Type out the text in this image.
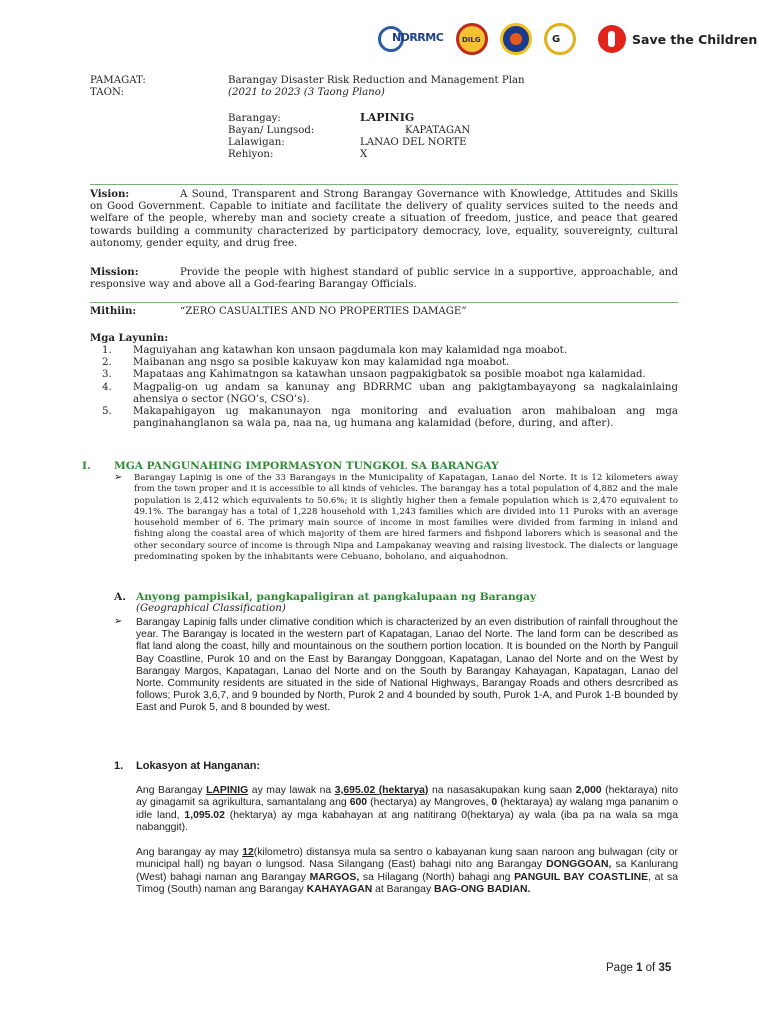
NDRRMC	DILG	G	Save the Children
PAMAGAT:	Barangay Disaster Risk Reduction and Management Plan
TAON:	(2021 to 2023 (3 Taong Plano)
Barangay:	LAPINIG
Bayan/ Lungsod:	KAPATAGAN
Lalawigan:	LANAO DEL NORTE
Rehiyon:	X
Vision:	A Sound, Transparent and Strong Barangay Governance with Knowledge, Attitudes and Skills on Good Government. Capable to initiate and facilitate the delivery of quality services suited to the needs and welfare of the people, whereby man and society create a situation of freedom, justice, and peace that geared towards building a community characterized by participatory democracy, love, equality, souvereignty, cultural autonomy, gender equity, and drug free.
Mission:	Provide the people with highest standard of public service in a supportive, approachable, and responsive way and above all a God-fearing Barangay Officials.
Mithiin:	“ZERO CASUALTIES AND NO PROPERTIES DAMAGE”
Mga Layunin:
1. Maguiyahan ang katawhan kon unsaon pagdumala kon may kalamidad nga moabot.
2. Maibanan ang nsgo sa posible kakuyaw kon may kalamidad nga moabot.
3. Mapataas ang Kahimatngon sa katawhan unsaon pagpakigbatok sa posible moabot nga kalamidad.
4. Magpalig-on ug andam sa kanunay ang BDRRMC uban ang pakigtambayayong sa nagkalainlaing ahensiya o sector (NGO’s, CSO’s).
5. Makapahigayon ug makanunayon nga monitoring and evaluation aron mahibaloan ang mga panginahanglanon sa wala pa, naa na, ug humana ang kalamidad (before, during, and after).
I. MGA PANGUNAHING IMPORMASYON TUNGKOL SA BARANGAY
➢ Barangay Lapinig is one of the 33 Barangays in the Municipality of Kapatagan, Lanao del Norte. It is 12 kilometers away from the town proper and it is accessible to all kinds of vehicles. The barangay has a total population of 4,882 and the male population is 2,412 which equivalents to 50.6%; it is slightly higher then a female population which is 2,470 equivalent to 49.1%. The barangay has a total of 1,228 household with 1,243 families which are divided into 11 Puroks with an average household member of 6. The primary main source of income in most families were divided from farming in inland and fishing along the coastal area of which majority of them are hired farmers and fishpond laborers which is seasonal and the other secondary source of income is through Nipa and Lampakanay weaving and raising livestock. The dialects or language predominating spoken by the inhabitants were Cebuano, boholano, and aiquahodnon.
A. Anyong pampisikal, pangkapaligiran at pangkalupaan ng Barangay
(Geographical Classification)
➢ Barangay Lapinig falls under climative condition which is characterized by an even distribution of rainfall throughout the year. The Barangay is located in the western part of Kapatagan, Lanao del Norte. The land form can be described as flat land along the coast, hilly and mountainous on the southern portion location. It is bounded on the North by Panguil Bay Coastline, Purok 10 and on the East by Barangay Donggoan, Kapatagan, Lanao del Norte and on the West by Barangay Margos, Kapatagan, Lanao del Norte and on the South by Barangay Kahayagan, Kapatagan, Lanao del Norte. Community residents are situated in the side of National Highways, Barangay Roads and others desrcribed as follows; Purok 3,6,7, and 9 bounded by North, Purok 2 and 4 bounded by south, Purok 1-A, and Purok 1-B bounded by East and Purok 5, and 8 bounded by west.
1. Lokasyon at Hanganan:
Ang Barangay LAPINIG ay may lawak na 3,695.02 (hektarya) na nasasakupakan kung saan 2,000 (hektaraya) nito ay ginagamit sa agrikultura, samantalang ang 600 (hectarya) ay Mangroves, 0 (hektaraya) ay walang mga pananim o idle land, 1,095.02 (hektarya) ay mga kabahayan at ang natitirang 0(hektarya) ay wala (iba pa na wala sa mga nabanggit).
Ang barangay ay may 12(kilometro) distansya mula sa sentro o kabayanan kung saan naroon ang bulwagan (city or municipal hall) ng bayan o lungsod. Nasa Silangang (East) bahagi nito ang Barangay DONGGOAN, sa Kanlurang (West) bahagi naman ang Barangay MARGOS, sa Hilagang (North) bahagi ang PANGUIL BAY COASTLINE, at sa Timog (South) naman ang Barangay KAHAYAGAN at Barangay BAG-ONG BADIAN.
Page 1 of 35
